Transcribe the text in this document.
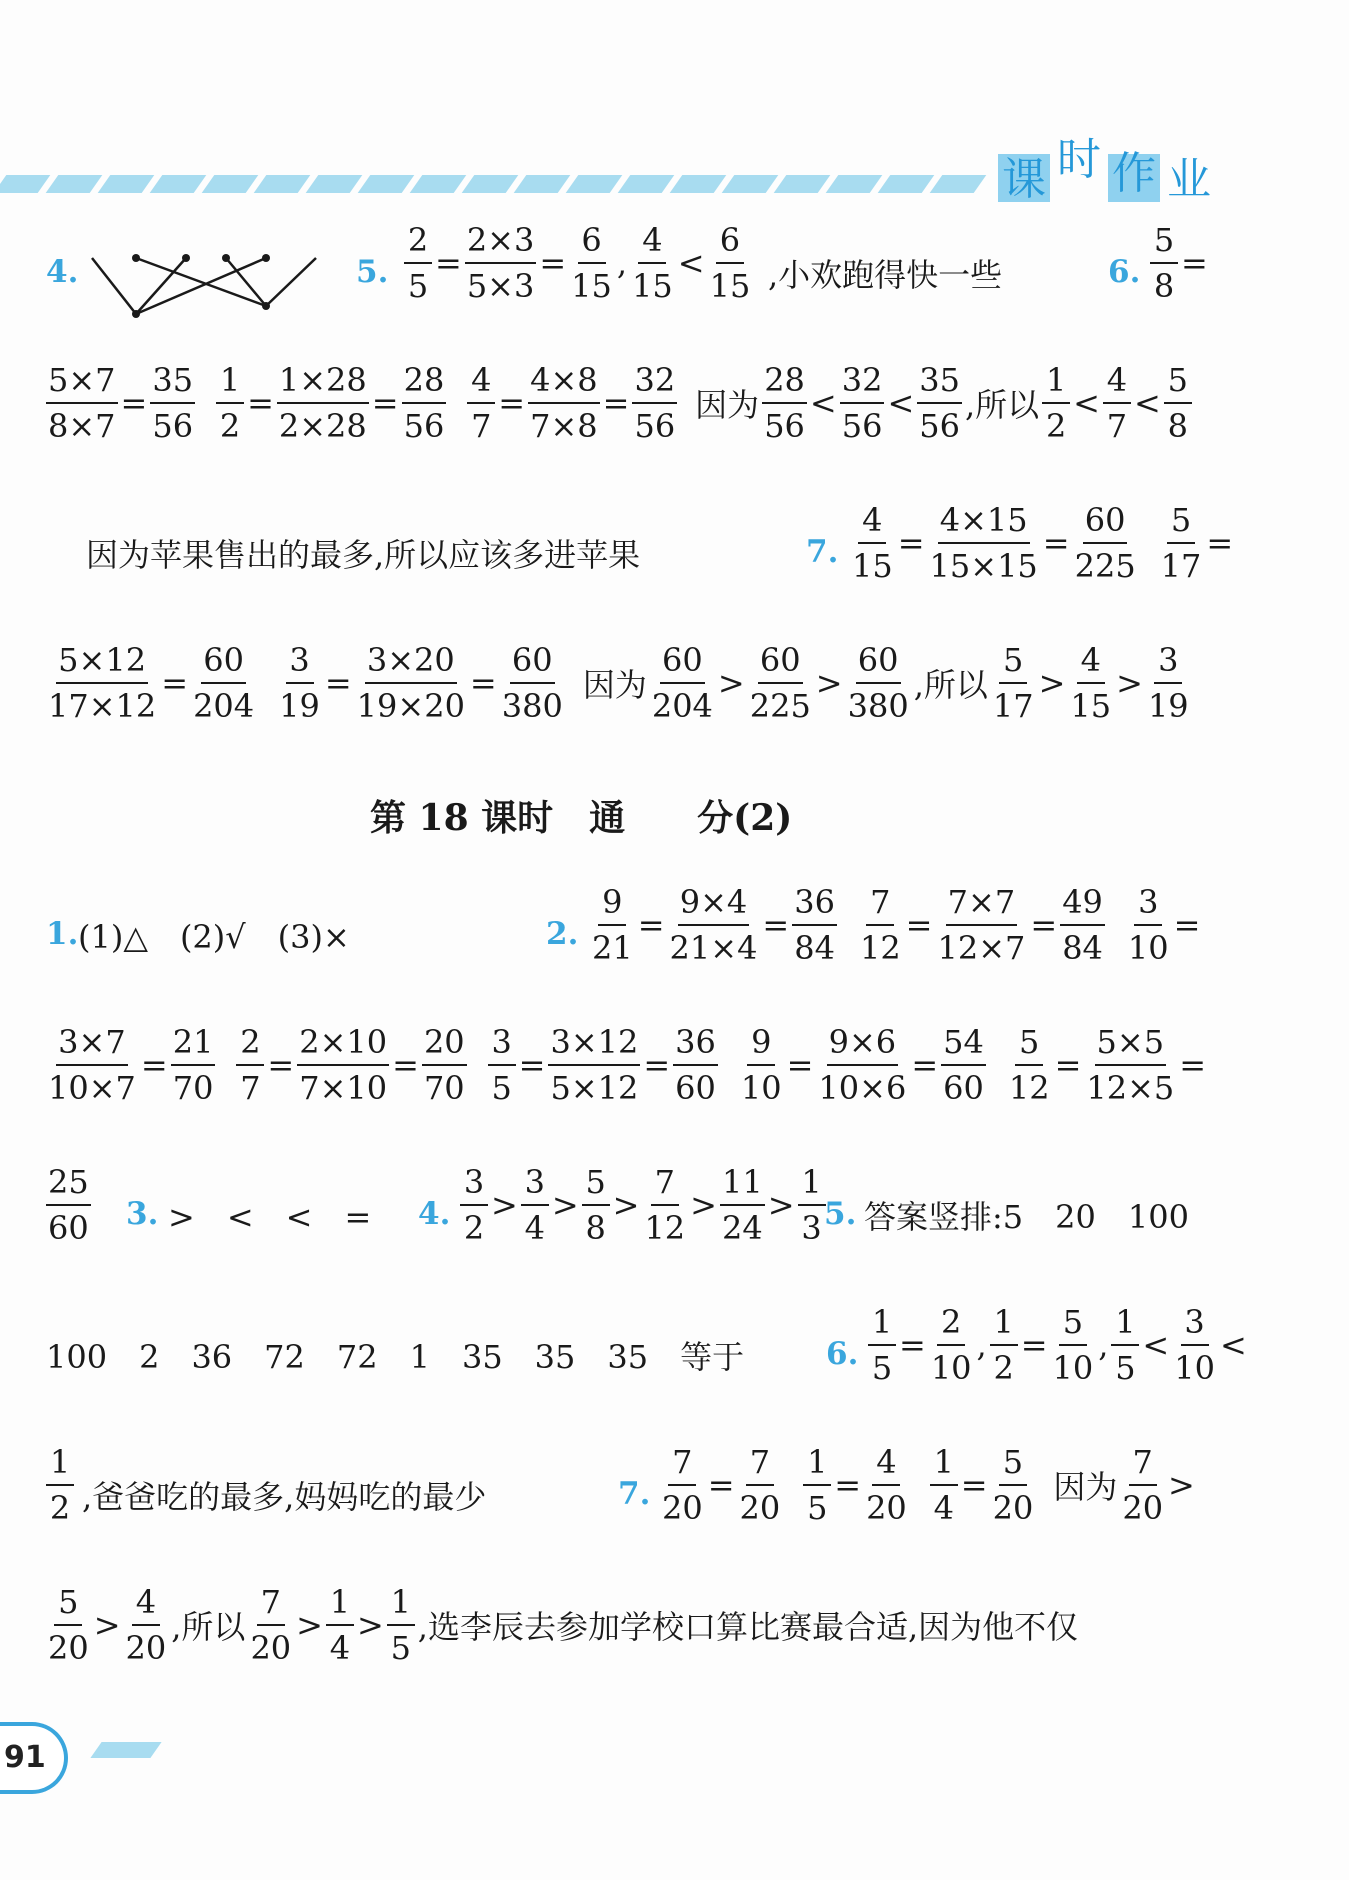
课 时 作 业
4.	5. $\frac{2}{5} = \frac{2\times 3}{5\times 3} = \frac{6}{15}$ , $\frac{4}{15} < \frac{6}{15}$ ,小欢跑得快一些	6. $\frac{5}{8}$ =
$\frac{5\times 7}{8\times 7} = \frac{35}{56} \frac{1}{2} = \frac{1\times 28}{2\times 28} = \frac{28}{56} \frac{4}{7} = \frac{4\times 8}{7\times 8} = \frac{32}{56}$ 因为 $\frac{28}{56} < \frac{32}{56} < \frac{35}{56}$ ,所以 $\frac{1}{2} < \frac{4}{7} < \frac{5}{8}$
因为苹果售出的最多,所以应该多进苹果	7. $\frac{4}{15} = \frac{4\times 15}{15\times 15} = \frac{60}{225} \frac{5}{17}$ =
$\frac{5\times 12}{17\times 12} = \frac{60}{204} \frac{3}{19} = \frac{3\times 20}{19\times 20} = \frac{60}{380}$ 因为 $\frac{60}{204} > \frac{60}{225} > \frac{60}{380}$ ,所以 $\frac{5}{17} > \frac{4}{15} > \frac{3}{19}$
第 18 课时　通　　分(2)
1. (1)△　(2)√　(3)×	2. $\frac{9}{21} = \frac{9\times 4}{21\times 4} = \frac{36}{84} \frac{7}{12} = \frac{7\times 7}{12\times 7} = \frac{49}{84} \frac{3}{10}$ =
$\frac{3\times 7}{10\times 7} = \frac{21}{70} \frac{2}{7} = \frac{2\times 10}{7\times 10} = \frac{20}{70} \frac{3}{5} = \frac{3\times 12}{5\times 12} = \frac{36}{60} \frac{9}{10} = \frac{9\times 6}{10\times 6} = \frac{54}{60} \frac{5}{12} = \frac{5\times 5}{12\times 5}$ =
$\frac{25}{60} 3$. >　<　<　= 4. $\frac{3}{2} > \frac{3}{4} > \frac{5}{8} > \frac{7}{12} > \frac{11}{24} > \frac{1}{3}$
5. 答案竖排:5　20　100
100　2　36　72　72　1　35　35　35　等于	6. $\frac{1}{5} = \frac{2}{10}$ , $\frac{1}{2} = \frac{5}{10}$ , $\frac{1}{5} < \frac{3}{10}$ <
$\frac{1}{2}$ ,爸爸吃的最多,妈妈吃的最少	7. $\frac{7}{20} = \frac{7}{20} \frac{1}{5} = \frac{4}{20} \frac{1}{4} = \frac{5}{20}$ 因为 $\frac{7}{20}$ >
$\frac{5}{20} > \frac{4}{20}$ ,所以 $\frac{7}{20} > \frac{1}{4} > \frac{1}{5}$ ,选李辰去参加学校口算比赛最合适,因为他不仅
91
